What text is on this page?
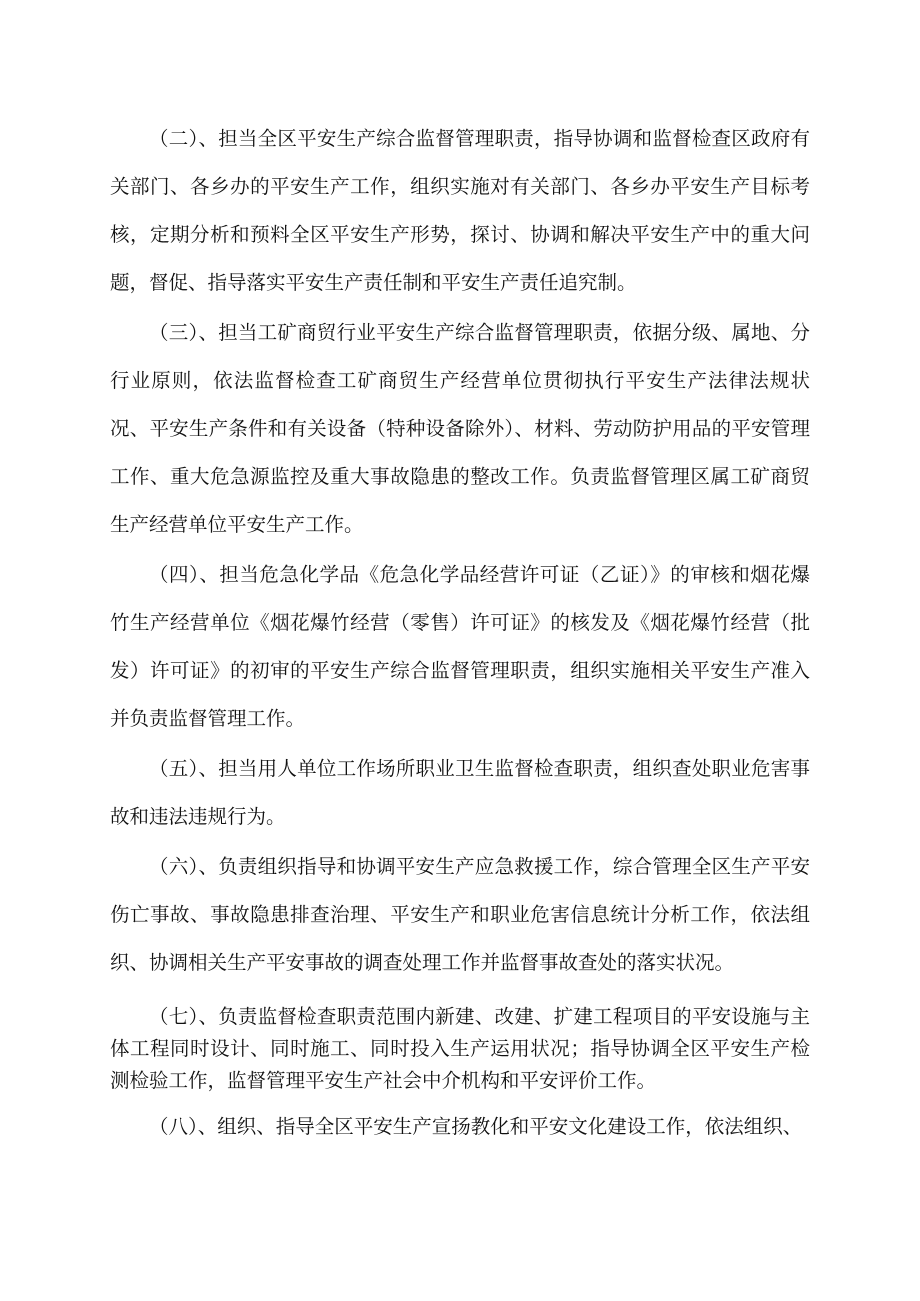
（二）、担当全区平安生产综合监督管理职责，指导协调和监督检查区政府有关部门、各乡办的平安生产工作，组织实施对有关部门、各乡办平安生产目标考核，定期分析和预料全区平安生产形势，探讨、协调和解决平安生产中的重大问题，督促、指导落实平安生产责任制和平安生产责任追究制。

（三）、担当工矿商贸行业平安生产综合监督管理职责，依据分级、属地、分行业原则，依法监督检查工矿商贸生产经营单位贯彻执行平安生产法律法规状况、平安生产条件和有关设备（特种设备除外）、材料、劳动防护用品的平安管理工作、重大危急源监控及重大事故隐患的整改工作。负责监督管理区属工矿商贸生产经营单位平安生产工作。

（四）、担当危急化学品《危急化学品经营许可证（乙证）》的审核和烟花爆竹生产经营单位《烟花爆竹经营（零售）许可证》的核发及《烟花爆竹经营（批发）许可证》的初审的平安生产综合监督管理职责，组织实施相关平安生产准入并负责监督管理工作。

（五）、担当用人单位工作场所职业卫生监督检查职责，组织查处职业危害事故和违法违规行为。

（六）、负责组织指导和协调平安生产应急救援工作，综合管理全区生产平安伤亡事故、事故隐患排查治理、平安生产和职业危害信息统计分析工作，依法组织、协调相关生产平安事故的调查处理工作并监督事故查处的落实状况。

（七）、负责监督检查职责范围内新建、改建、扩建工程项目的平安设施与主体工程同时设计、同时施工、同时投入生产运用状况；指导协调全区平安生产检测检验工作，监督管理平安生产社会中介机构和平安评价工作。

（八）、组织、指导全区平安生产宣扬教化和平安文化建设工作，依法组织、
